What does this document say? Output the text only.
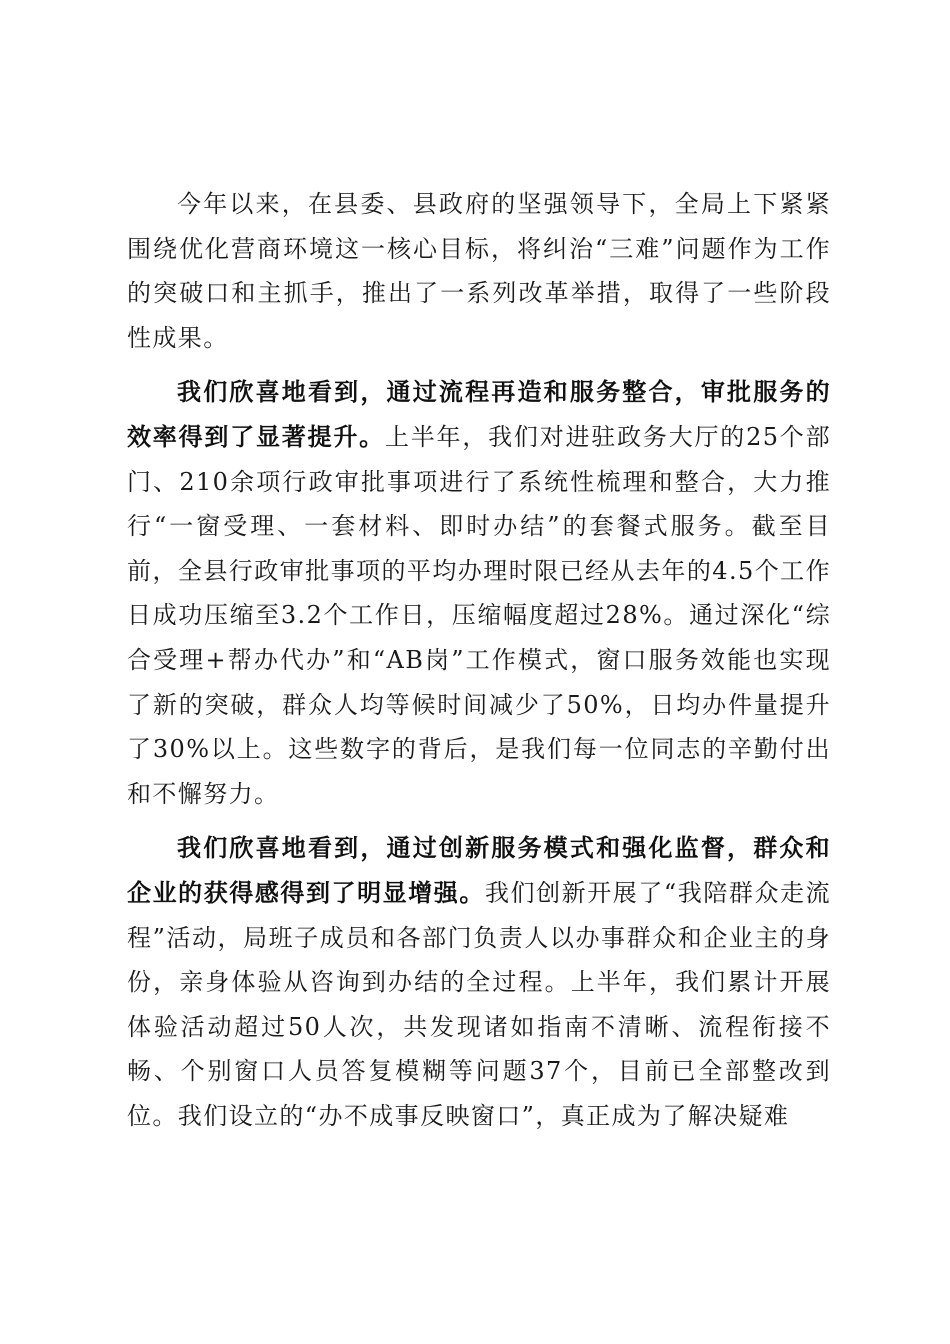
今年以来，在县委、县政府的坚强领导下，全局上下紧紧围绕优化营商环境这一核心目标，将纠治“三难”问题作为工作的突破口和主抓手，推出了一系列改革举措，取得了一些阶段性成果。

我们欣喜地看到，通过流程再造和服务整合，审批服务的效率得到了显著提升。上半年，我们对进驻政务大厅的25个部门、210余项行政审批事项进行了系统性梳理和整合，大力推行“一窗受理、一套材料、即时办结”的套餐式服务。截至目前，全县行政审批事项的平均办理时限已经从去年的4.5个工作日成功压缩至3.2个工作日，压缩幅度超过28%。通过深化“综合受理+帮办代办”和“AB岗”工作模式，窗口服务效能也实现了新的突破，群众人均等候时间减少了50%，日均办件量提升了30%以上。这些数字的背后，是我们每一位同志的辛勤付出和不懈努力。

我们欣喜地看到，通过创新服务模式和强化监督，群众和企业的获得感得到了明显增强。我们创新开展了“我陪群众走流程”活动，局班子成员和各部门负责人以办事群众和企业主的身份，亲身体验从咨询到办结的全过程。上半年，我们累计开展体验活动超过50人次，共发现诸如指南不清晰、流程衔接不畅、个别窗口人员答复模糊等问题37个，目前已全部整改到位。我们设立的“办不成事反映窗口”，真正成为了解决疑难
